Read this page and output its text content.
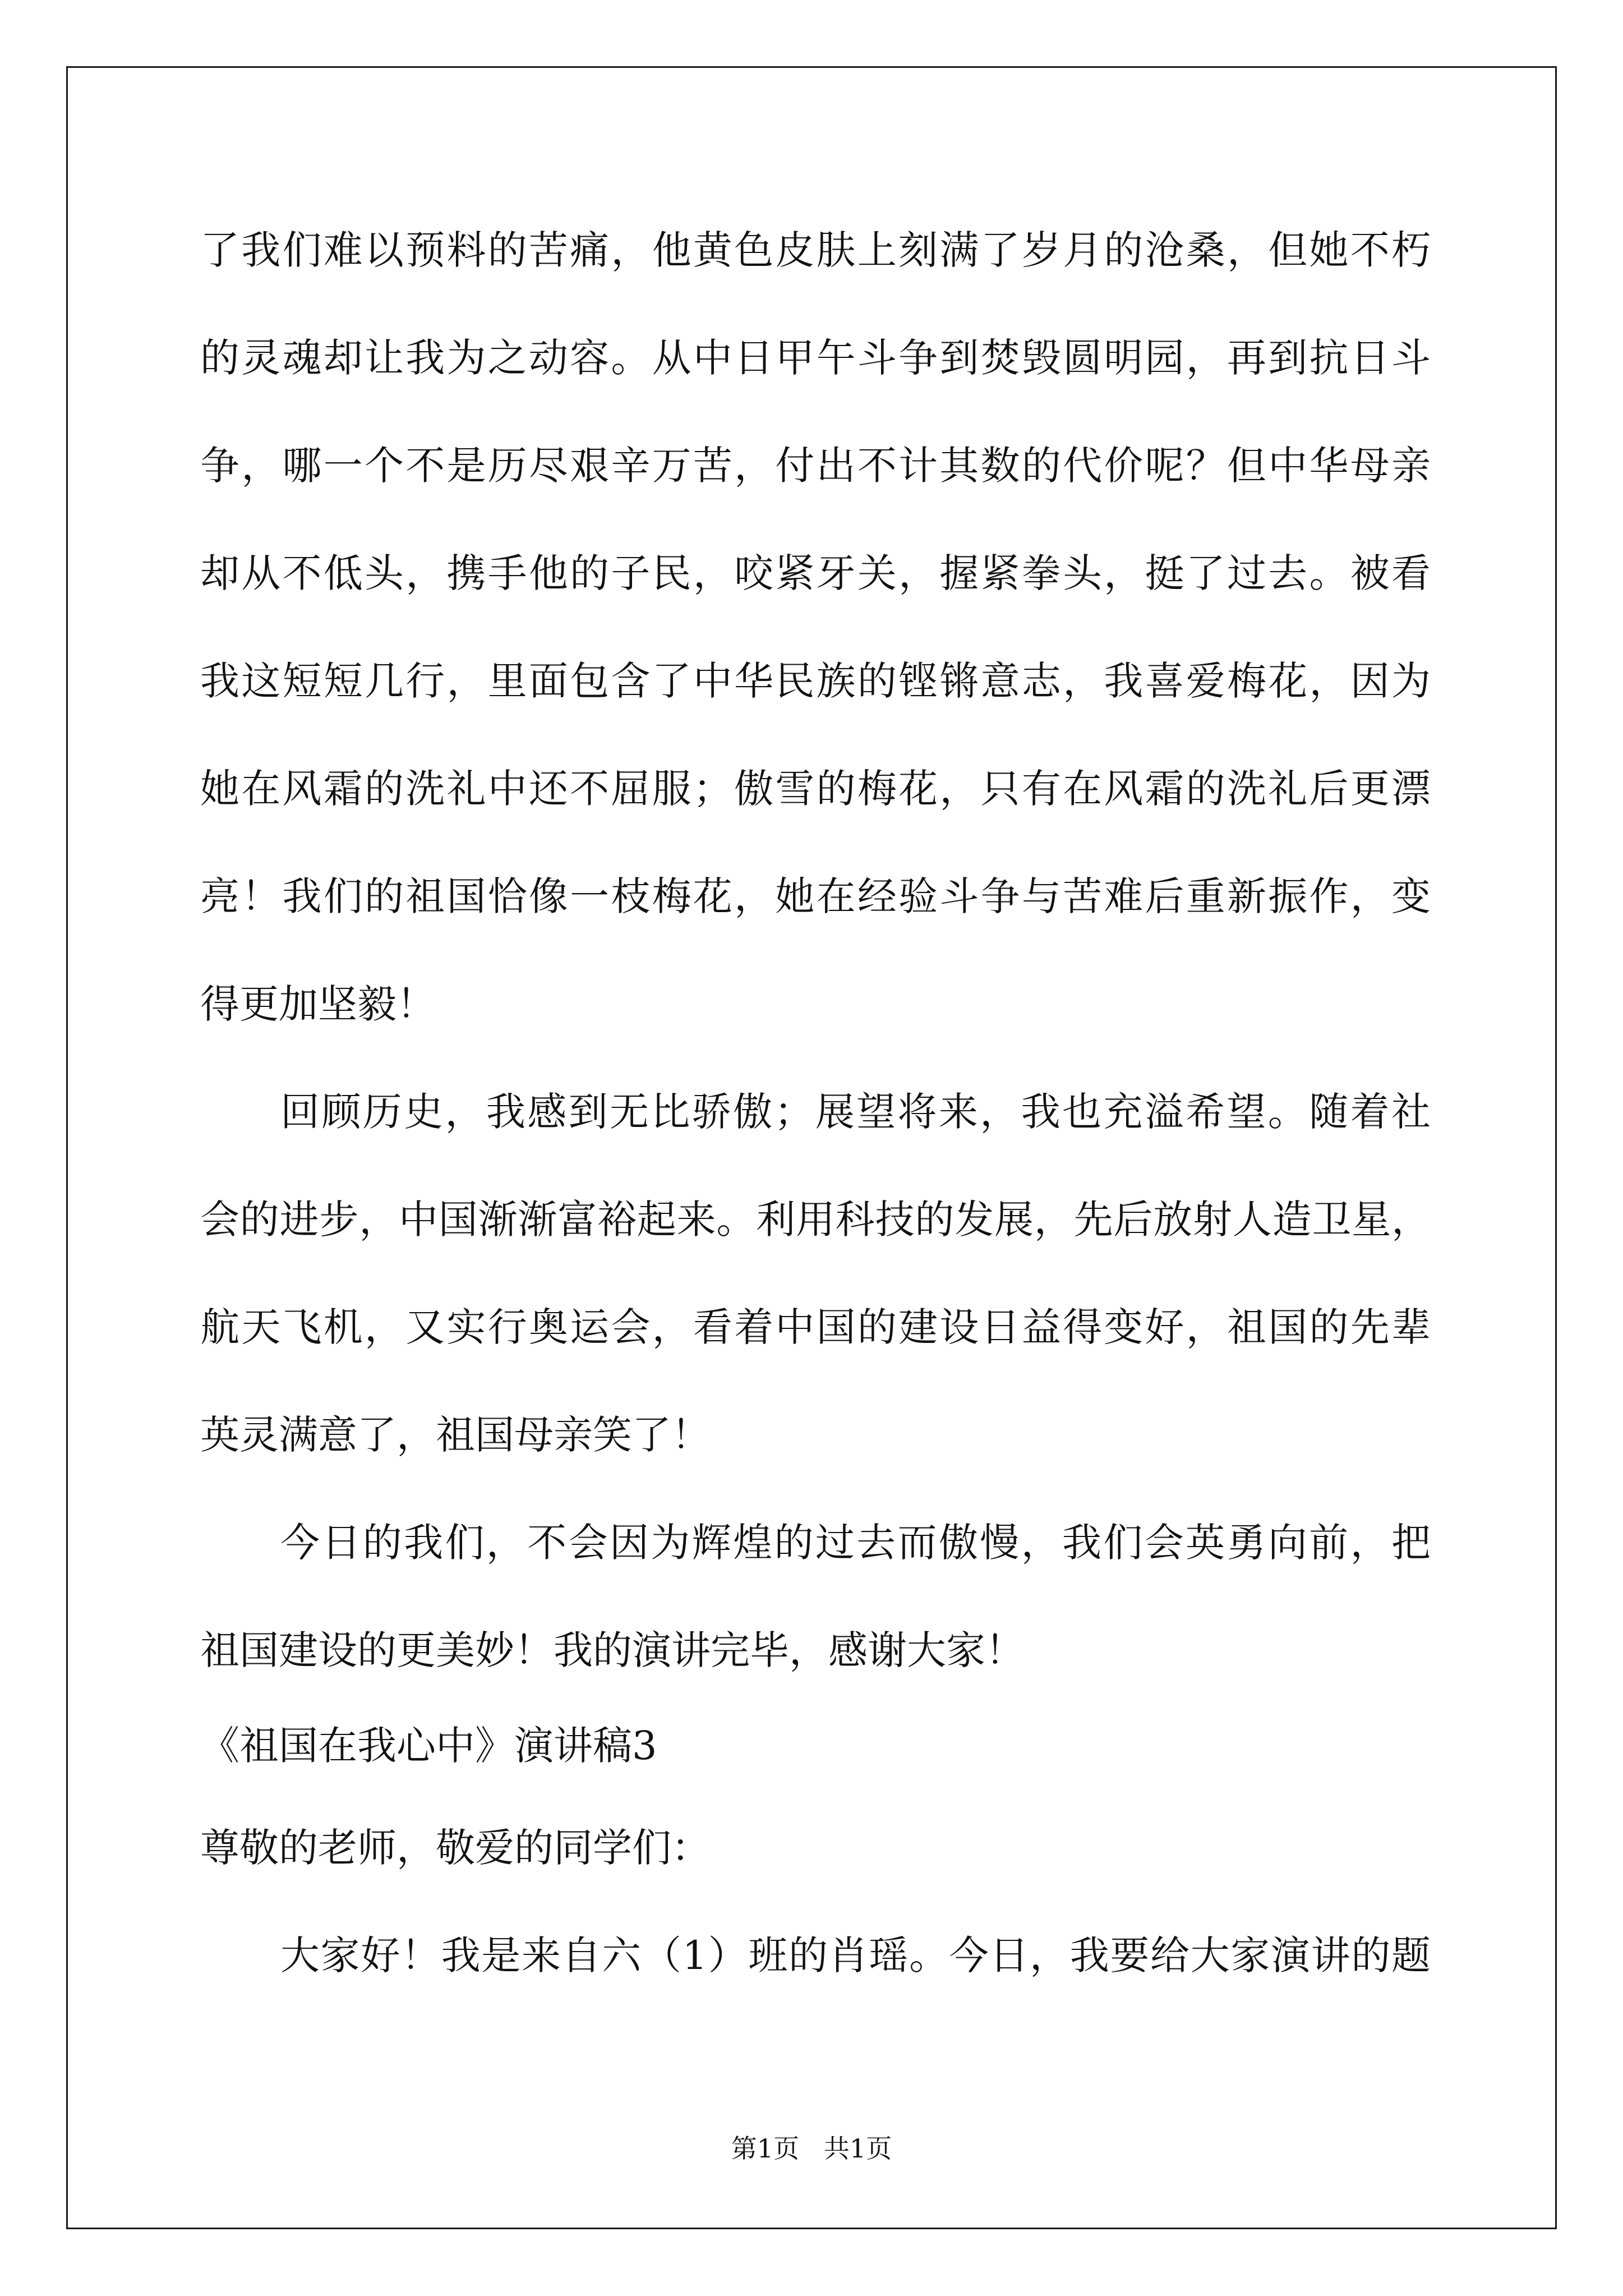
了我们难以预料的苦痛，他黄色皮肤上刻满了岁月的沧桑，但她不朽
的灵魂却让我为之动容。从中日甲午斗争到焚毁圆明园，再到抗日斗
争，哪一个不是历尽艰辛万苦，付出不计其数的代价呢？但中华母亲
却从不低头，携手他的子民，咬紧牙关，握紧拳头，挺了过去。被看
我这短短几行，里面包含了中华民族的铿锵意志，我喜爱梅花，因为
她在风霜的洗礼中还不屈服；傲雪的梅花，只有在风霜的洗礼后更漂
亮！我们的祖国恰像一枝梅花，她在经验斗争与苦难后重新振作，变
得更加坚毅！
回顾历史，我感到无比骄傲；展望将来，我也充溢希望。随着社
会的进步，中国渐渐富裕起来。利用科技的发展，先后放射人造卫星，
航天飞机，又实行奥运会，看着中国的建设日益得变好，祖国的先辈
英灵满意了，祖国母亲笑了！
今日的我们，不会因为辉煌的过去而傲慢，我们会英勇向前，把
祖国建设的更美妙！我的演讲完毕，感谢大家！
《祖国在我心中》演讲稿3
尊敬的老师，敬爱的同学们：
大家好！我是来自六（1）班的肖瑶。今日，我要给大家演讲的题
第1页   共1页
